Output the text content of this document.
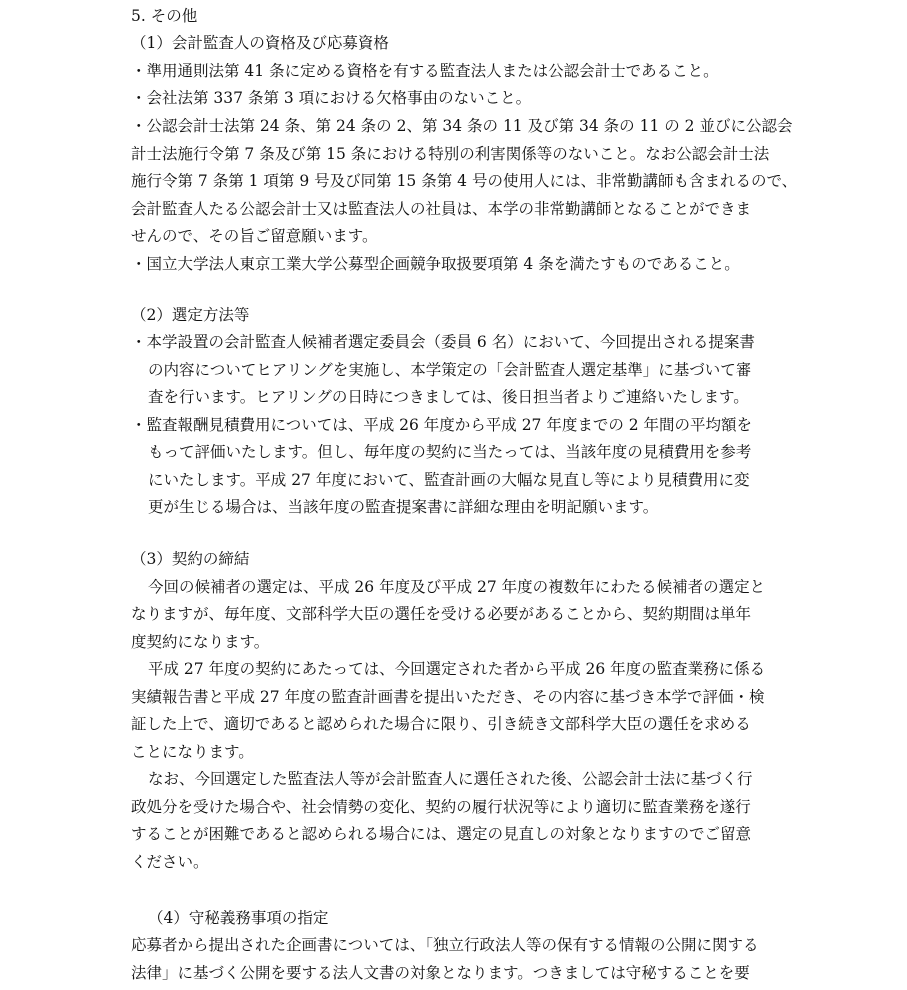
5. その他
（1）会計監査人の資格及び応募資格
・準用通則法第 41 条に定める資格を有する監査法人または公認会計士であること。
・会社法第 337 条第 3 項における欠格事由のないこと。
・公認会計士法第 24 条、第 24 条の 2、第 34 条の 11 及び第 34 条の 11 の 2 並びに公認会
計士法施行令第 7 条及び第 15 条における特別の利害関係等のないこと。なお公認会計士法
施行令第 7 条第 1 項第 9 号及び同第 15 条第 4 号の使用人には、非常勤講師も含まれるので、
会計監査人たる公認会計士又は監査法人の社員は、本学の非常勤講師となることができま
せんので、その旨ご留意願います。
・国立大学法人東京工業大学公募型企画競争取扱要項第 4 条を満たすものであること。
（2）選定方法等
・本学設置の会計監査人候補者選定委員会（委員 6 名）において、今回提出される提案書
の内容についてヒアリングを実施し、本学策定の「会計監査人選定基準」に基づいて審
査を行います。ヒアリングの日時につきましては、後日担当者よりご連絡いたします。
・監査報酬見積費用については、平成 26 年度から平成 27 年度までの 2 年間の平均額を
もって評価いたします。但し、毎年度の契約に当たっては、当該年度の見積費用を参考
にいたします。平成 27 年度において、監査計画の大幅な見直し等により見積費用に変
更が生じる場合は、当該年度の監査提案書に詳細な理由を明記願います。
（3）契約の締結
今回の候補者の選定は、平成 26 年度及び平成 27 年度の複数年にわたる候補者の選定と
なりますが、毎年度、文部科学大臣の選任を受ける必要があることから、契約期間は単年
度契約になります。
平成 27 年度の契約にあたっては、今回選定された者から平成 26 年度の監査業務に係る
実績報告書と平成 27 年度の監査計画書を提出いただき、その内容に基づき本学で評価・検
証した上で、適切であると認められた場合に限り、引き続き文部科学大臣の選任を求める
ことになります。
なお、今回選定した監査法人等が会計監査人に選任された後、公認会計士法に基づく行
政処分を受けた場合や、社会情勢の変化、契約の履行状況等により適切に監査業務を遂行
することが困難であると認められる場合には、選定の見直しの対象となりますのでご留意
ください。
（4）守秘義務事項の指定
応募者から提出された企画書については、「独立行政法人等の保有する情報の公開に関する
法律」に基づく公開を要する法人文書の対象となります。つきましては守秘することを要
